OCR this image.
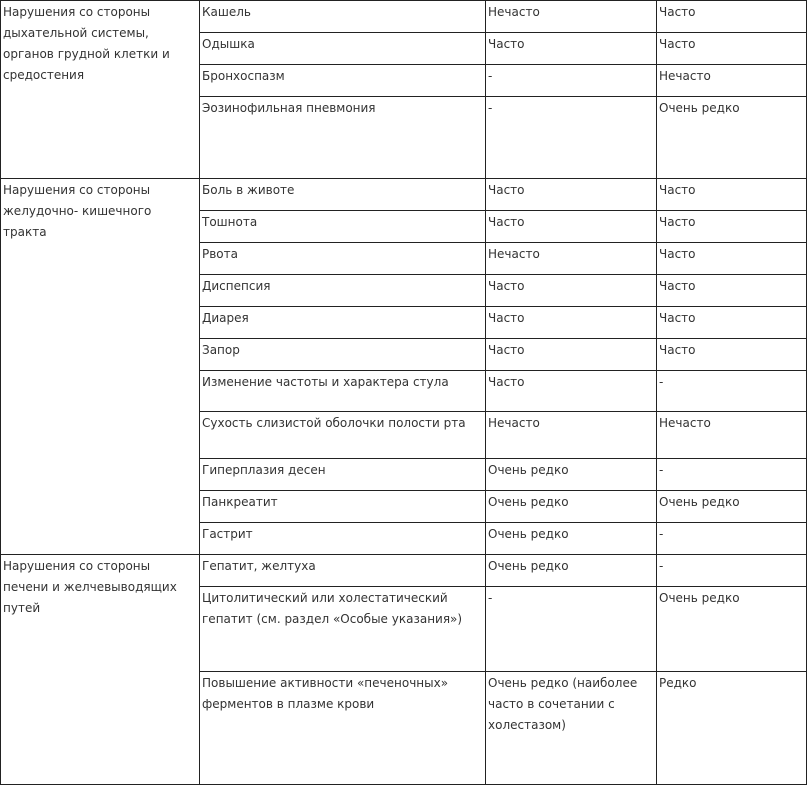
Нарушения со стороны дыхательной системы, органов грудной клетки и средостения	Кашель	Нечасто	Часто
	Одышка	Часто	Часто
	Бронхоспазм	-	Нечасто
	Эозинофильная пневмония	-	Очень редко
Нарушения со стороны желудочно- кишечного тракта	Боль в животе	Часто	Часто
	Тошнота	Часто	Часто
	Рвота	Нечасто	Часто
	Диспепсия	Часто	Часто
	Диарея	Часто	Часто
	Запор	Часто	Часто
	Изменение частоты и характера стула	Часто	-
	Сухость слизистой оболочки полости рта	Нечасто	Нечасто
	Гиперплазия десен	Очень редко	-
	Панкреатит	Очень редко	Очень редко
	Гастрит	Очень редко	-
Нарушения со стороны печени и желчевыводящих путей	Гепатит, желтуха	Очень редко	-
	Цитолитический или холестатический гепатит (см. раздел «Особые указания»)	-	Очень редко
	Повышение активности «печеночных» ферментов в плазме крови	Очень редко (наиболее часто в сочетании с холестазом)	Редко
